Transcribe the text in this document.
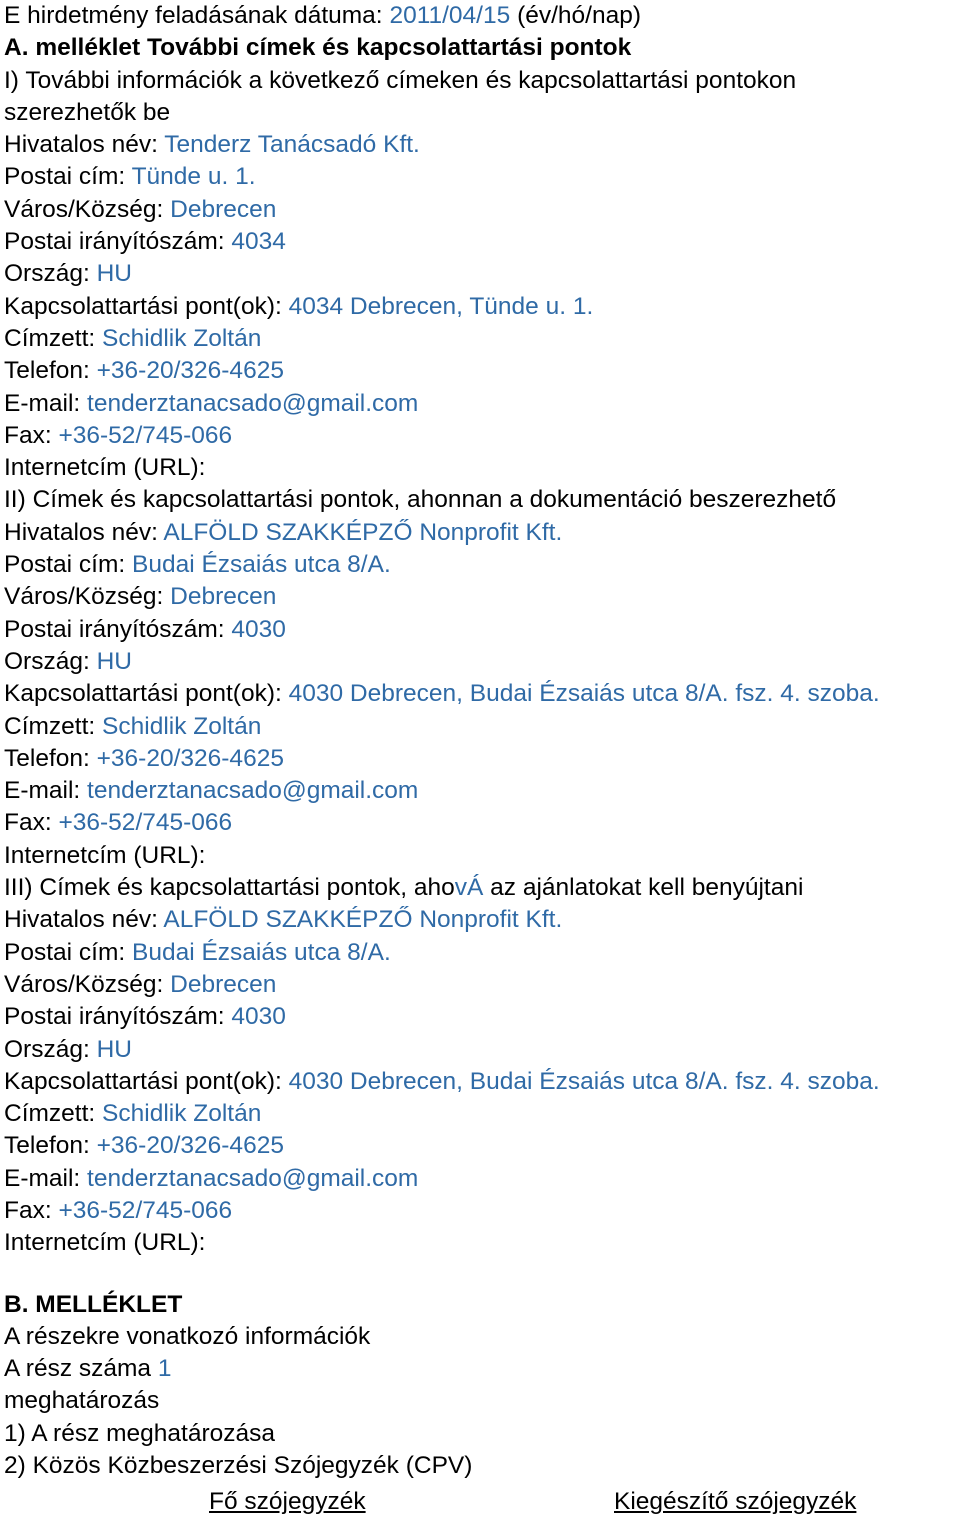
E hirdetmény feladásának dátuma: 2011/04/15 (év/hó/nap)
A. melléklet További címek és kapcsolattartási pontok
I) További információk a következő címeken és kapcsolattartási pontokon
szerezhetők be
Hivatalos név: Tenderz Tanácsadó Kft.
Postai cím: Tünde u. 1.
Város/Község: Debrecen
Postai irányítószám: 4034
Ország: HU
Kapcsolattartási pont(ok): 4034 Debrecen, Tünde u. 1.
Címzett: Schidlik Zoltán
Telefon: +36-20/326-4625
E-mail: tenderztanacsado@gmail.com
Fax: +36-52/745-066
Internetcím (URL):
II) Címek és kapcsolattartási pontok, ahonnan a dokumentáció beszerezhető
Hivatalos név: ALFÖLD SZAKKÉPZŐ Nonprofit Kft.
Postai cím: Budai Ézsaiás utca 8/A.
Város/Község: Debrecen
Postai irányítószám: 4030
Ország: HU
Kapcsolattartási pont(ok): 4030 Debrecen, Budai Ézsaiás utca 8/A. fsz. 4. szoba.
Címzett: Schidlik Zoltán
Telefon: +36-20/326-4625
E-mail: tenderztanacsado@gmail.com
Fax: +36-52/745-066
Internetcím (URL):
III) Címek és kapcsolattartási pontok, ahovÁ az ajánlatokat kell benyújtani
Hivatalos név: ALFÖLD SZAKKÉPZŐ Nonprofit Kft.
Postai cím: Budai Ézsaiás utca 8/A.
Város/Község: Debrecen
Postai irányítószám: 4030
Ország: HU
Kapcsolattartási pont(ok): 4030 Debrecen, Budai Ézsaiás utca 8/A. fsz. 4. szoba.
Címzett: Schidlik Zoltán
Telefon: +36-20/326-4625
E-mail: tenderztanacsado@gmail.com
Fax: +36-52/745-066
Internetcím (URL):
B. MELLÉKLET
A részekre vonatkozó információk
A rész száma 1
meghatározás
1) A rész meghatározása
2) Közös Közbeszerzési Szójegyzék (CPV)
Fő szójegyzék	Kiegészítő szójegyzék
